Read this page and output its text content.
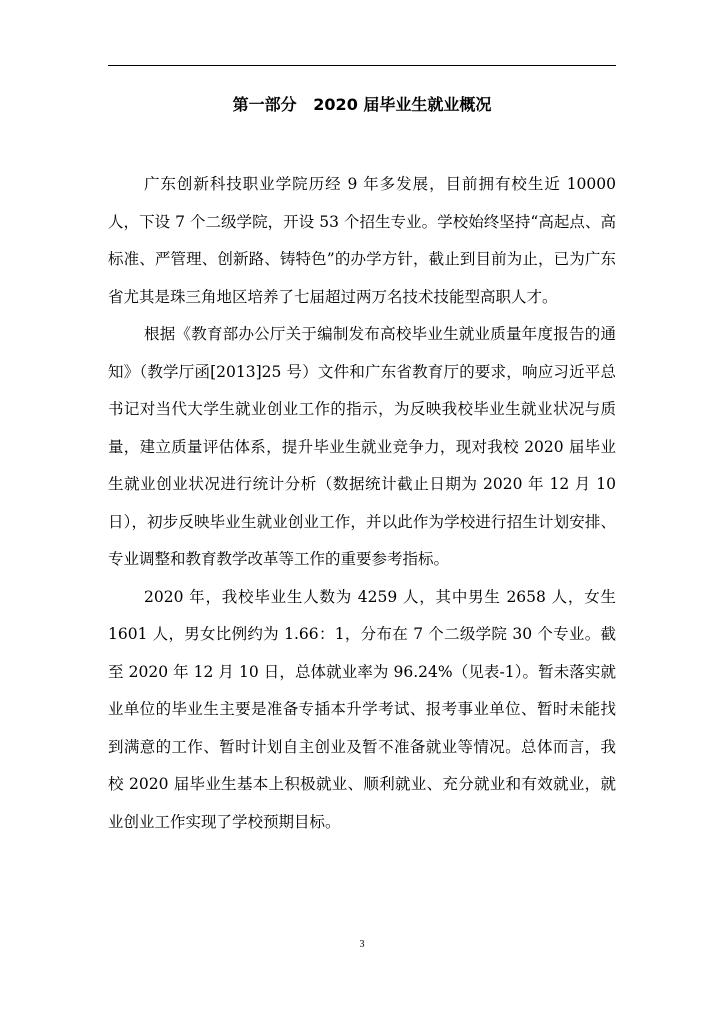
第一部分   2020 届毕业生就业概况

广东创新科技职业学院历经 9 年多发展，目前拥有校生近 10000 人，下设 7 个二级学院，开设 53 个招生专业。学校始终坚持“高起点、高标准、严管理、创新路、铸特色”的办学方针，截止到目前为止，已为广东省尤其是珠三角地区培养了七届超过两万名技术技能型高职人才。

根据《教育部办公厅关于编制发布高校毕业生就业质量年度报告的通知》（教学厅函[2013]25 号）文件和广东省教育厅的要求，响应习近平总书记对当代大学生就业创业工作的指示，为反映我校毕业生就业状况与质量，建立质量评估体系，提升毕业生就业竞争力，现对我校 2020 届毕业生就业创业状况进行统计分析（数据统计截止日期为 2020 年 12 月 10 日），初步反映毕业生就业创业工作，并以此作为学校进行招生计划安排、专业调整和教育教学改革等工作的重要参考指标。

2020 年，我校毕业生人数为 4259 人，其中男生 2658 人，女生 1601 人，男女比例约为 1.66：1，分布在 7 个二级学院 30 个专业。截至 2020 年 12 月 10 日，总体就业率为 96.24%（见表-1）。暂未落实就业单位的毕业生主要是准备专插本升学考试、报考事业单位、暂时未能找到满意的工作、暂时计划自主创业及暂不准备就业等情况。总体而言，我校 2020 届毕业生基本上积极就业、顺利就业、充分就业和有效就业，就业创业工作实现了学校预期目标。

3
